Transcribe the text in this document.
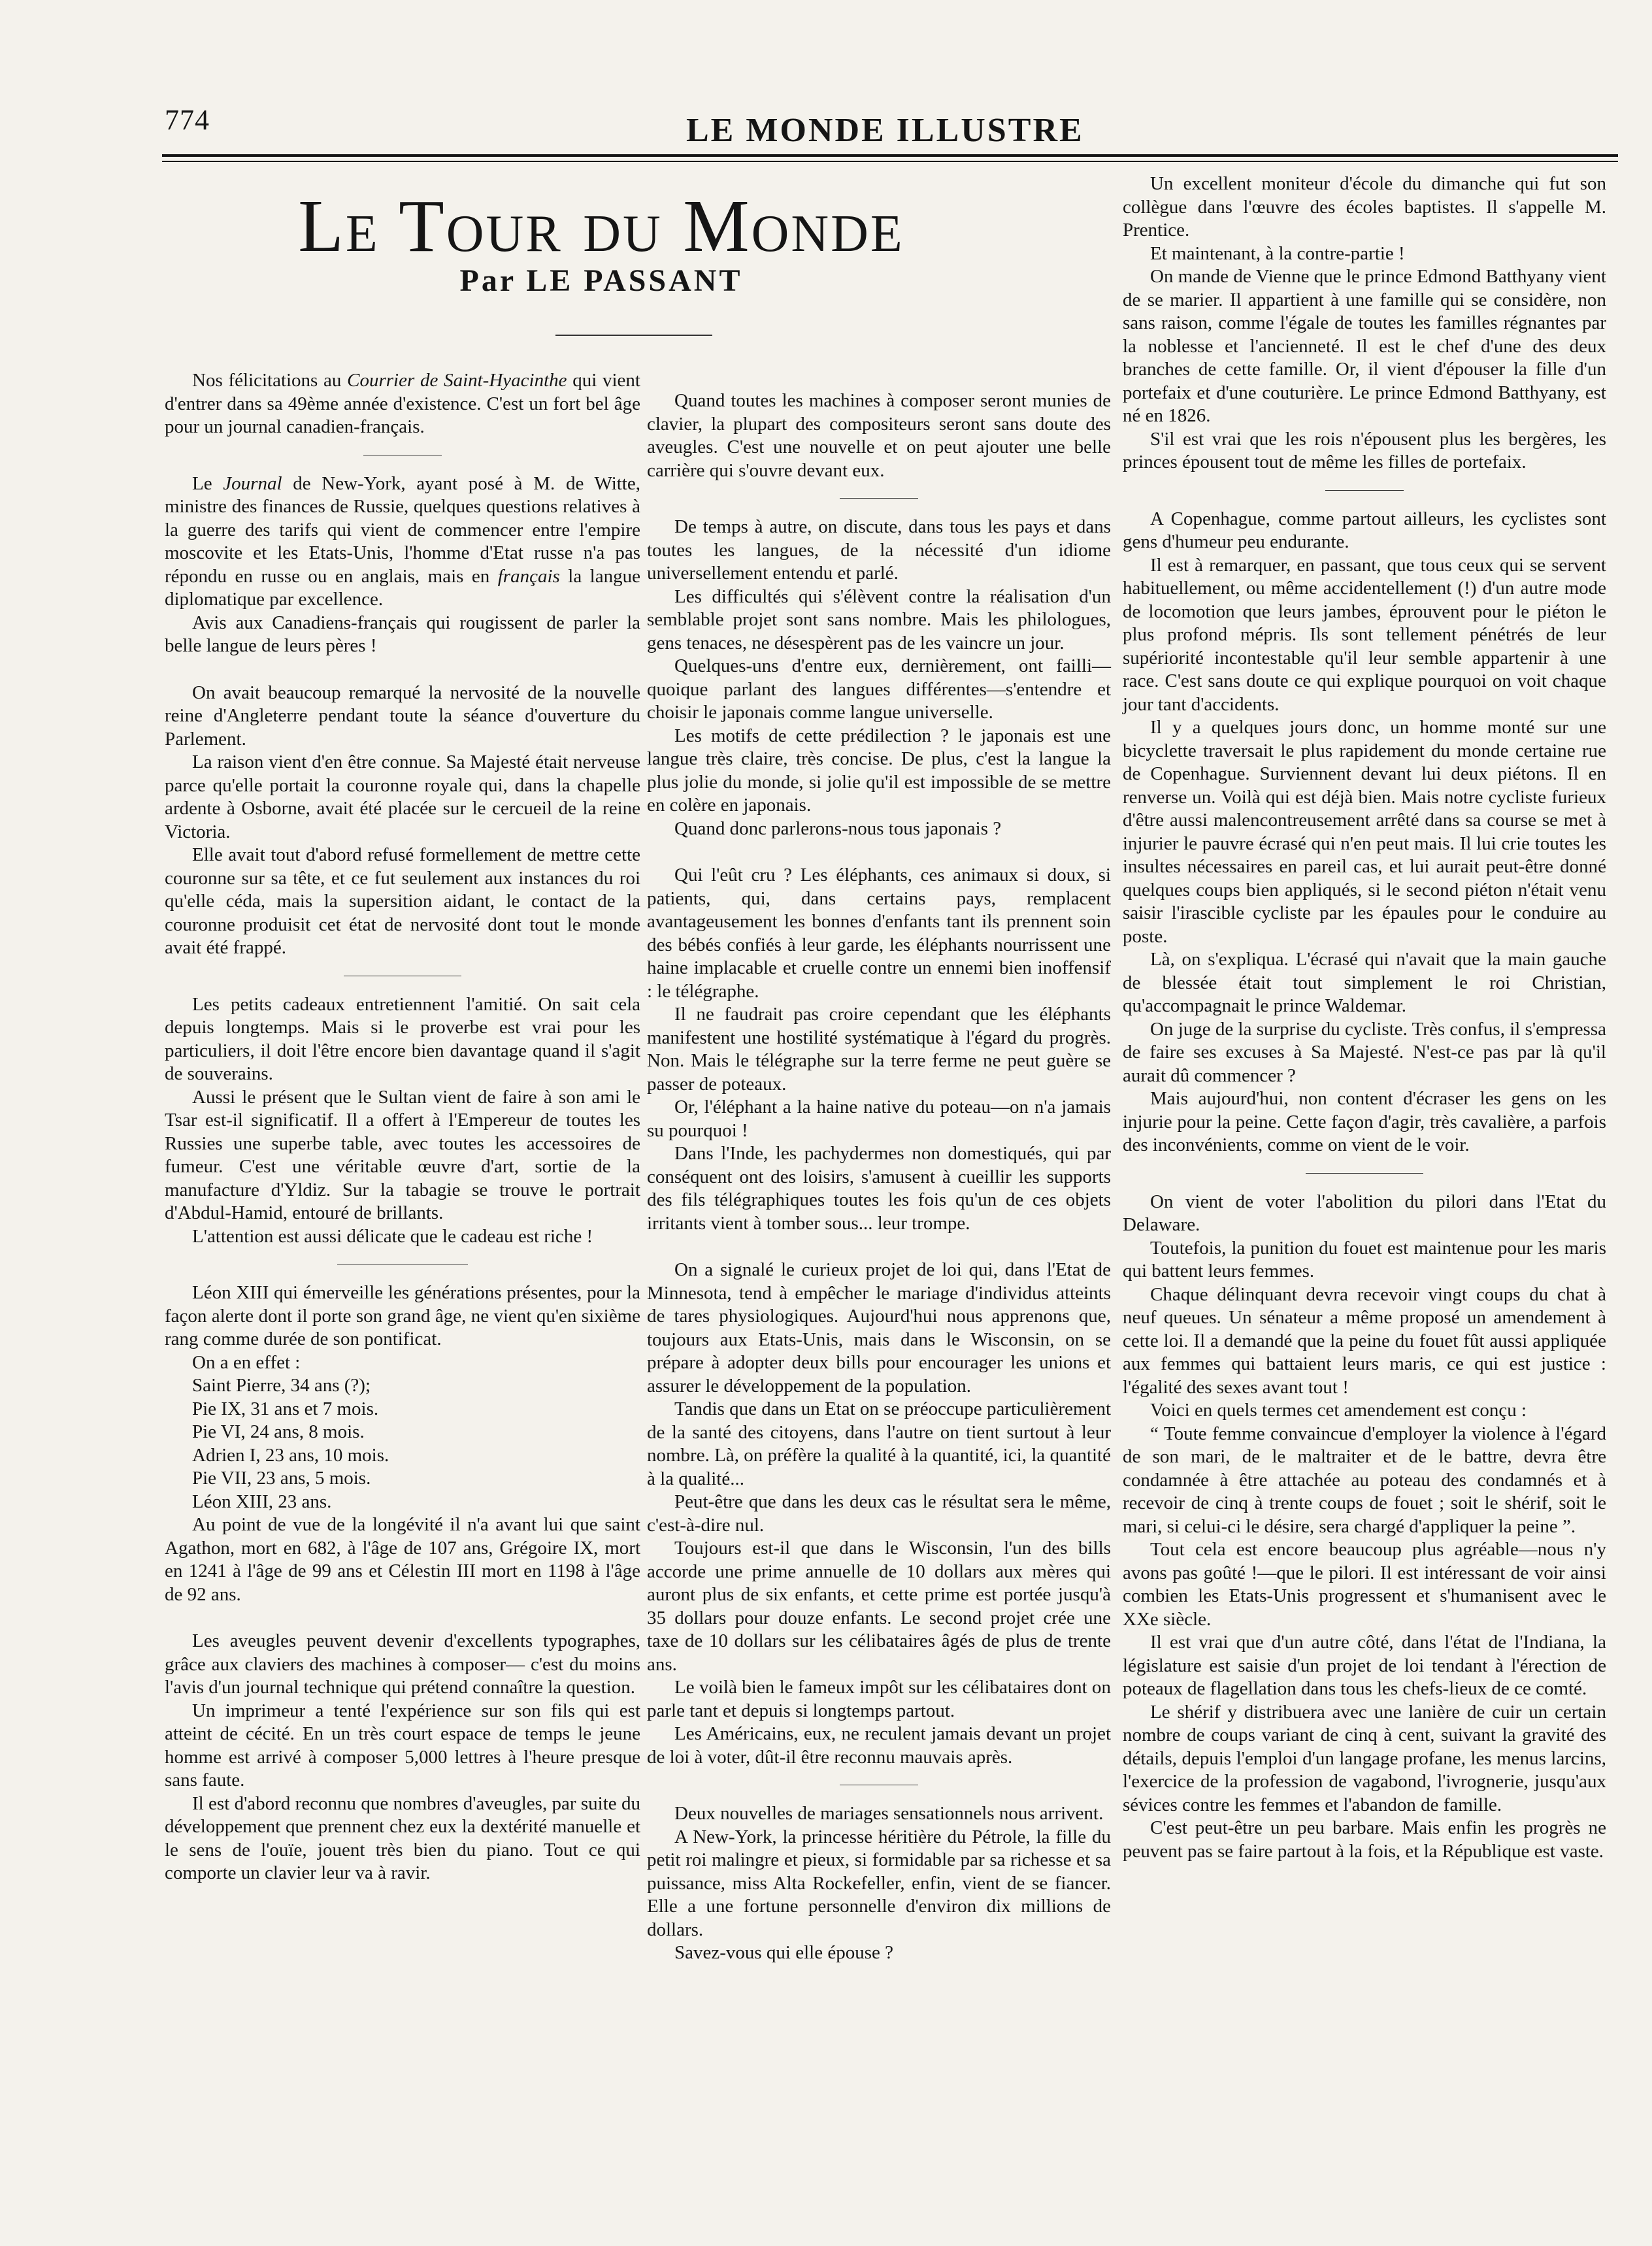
774	LE MONDE ILLUSTRE
Le Tour du Monde
Par LE PASSANT

Nos félicitations au Courrier de Saint-Hyacinthe qui vient d'entrer dans sa 49ème année d'existence. C'est un fort bel âge pour un journal canadien-français.

Le Journal de New-York, ayant posé à M. de Witte, ministre des finances de Russie, quelques questions relatives à la guerre des tarifs qui vient de commencer entre l'empire moscovite et les Etats-Unis, l'homme d'Etat russe n'a pas répondu en russe ou en anglais, mais en français la langue diplomatique par excellence.

Avis aux Canadiens-français qui rougissent de parler la belle langue de leurs pères !

On avait beaucoup remarqué la nervosité de la nouvelle reine d'Angleterre pendant toute la séance d'ouverture du Parlement.

La raison vient d'en être connue. Sa Majesté était nerveuse parce qu'elle portait la couronne royale qui, dans la chapelle ardente à Osborne, avait été placée sur le cercueil de la reine Victoria.

Elle avait tout d'abord refusé formellement de mettre cette couronne sur sa tête, et ce fut seulement aux instances du roi qu'elle céda, mais la supersition aidant, le contact de la couronne produisit cet état de nervosité dont tout le monde avait été frappé.

Les petits cadeaux entretiennent l'amitié. On sait cela depuis longtemps. Mais si le proverbe est vrai pour les particuliers, il doit l'être encore bien davantage quand il s'agit de souverains.

Aussi le présent que le Sultan vient de faire à son ami le Tsar est-il significatif. Il a offert à l'Empereur de toutes les Russies une superbe table, avec toutes les accessoires de fumeur. C'est une véritable œuvre d'art, sortie de la manufacture d'Yldiz. Sur la tabagie se trouve le portrait d'Abdul-Hamid, entouré de brillants.

L'attention est aussi délicate que le cadeau est riche !

Léon XIII qui émerveille les générations présentes, pour la façon alerte dont il porte son grand âge, ne vient qu'en sixième rang comme durée de son pontificat.

On a en effet :

Saint Pierre, 34 ans (?);

Pie IX, 31 ans et 7 mois.

Pie VI, 24 ans, 8 mois.

Adrien I, 23 ans, 10 mois.

Pie VII, 23 ans, 5 mois.

Léon XIII, 23 ans.

Au point de vue de la longévité il n'a avant lui que saint Agathon, mort en 682, à l'âge de 107 ans, Grégoire IX, mort en 1241 à l'âge de 99 ans et Célestin III mort en 1198 à l'âge de 92 ans.

Les aveugles peuvent devenir d'excellents typographes, grâce aux claviers des machines à composer— c'est du moins l'avis d'un journal technique qui prétend connaître la question.

Un imprimeur a tenté l'expérience sur son fils qui est atteint de cécité. En un très court espace de temps le jeune homme est arrivé à composer 5,000 lettres à l'heure presque sans faute.

Il est d'abord reconnu que nombres d'aveugles, par suite du développement que prennent chez eux la dextérité manuelle et le sens de l'ouïe, jouent très bien du piano. Tout ce qui comporte un clavier leur va à ravir.

Quand toutes les machines à composer seront munies de clavier, la plupart des compositeurs seront sans doute des aveugles. C'est une nouvelle et on peut ajouter une belle carrière qui s'ouvre devant eux.

De temps à autre, on discute, dans tous les pays et dans toutes les langues, de la nécessité d'un idiome universellement entendu et parlé.

Les difficultés qui s'élèvent contre la réalisation d'un semblable projet sont sans nombre. Mais les philologues, gens tenaces, ne désespèrent pas de les vaincre un jour.

Quelques-uns d'entre eux, dernièrement, ont failli— quoique parlant des langues différentes—s'entendre et choisir le japonais comme langue universelle.

Les motifs de cette prédilection ? le japonais est une langue très claire, très concise. De plus, c'est la langue la plus jolie du monde, si jolie qu'il est impossible de se mettre en colère en japonais.

Quand donc parlerons-nous tous japonais ?

Qui l'eût cru ? Les éléphants, ces animaux si doux, si patients, qui, dans certains pays, remplacent avantageusement les bonnes d'enfants tant ils prennent soin des bébés confiés à leur garde, les éléphants nourrissent une haine implacable et cruelle contre un ennemi bien inoffensif : le télégraphe.

Il ne faudrait pas croire cependant que les éléphants manifestent une hostilité systématique à l'égard du progrès. Non. Mais le télégraphe sur la terre ferme ne peut guère se passer de poteaux.

Or, l'éléphant a la haine native du poteau—on n'a jamais su pourquoi !

Dans l'Inde, les pachydermes non domestiqués, qui par conséquent ont des loisirs, s'amusent à cueillir les supports des fils télégraphiques toutes les fois qu'un de ces objets irritants vient à tomber sous... leur trompe.

On a signalé le curieux projet de loi qui, dans l'Etat de Minnesota, tend à empêcher le mariage d'individus atteints de tares physiologiques. Aujourd'hui nous apprenons que, toujours aux Etats-Unis, mais dans le Wisconsin, on se prépare à adopter deux bills pour encourager les unions et assurer le développement de la population.

Tandis que dans un Etat on se préoccupe particulièrement de la santé des citoyens, dans l'autre on tient surtout à leur nombre. Là, on préfère la qualité à la quantité, ici, la quantité à la qualité...

Peut-être que dans les deux cas le résultat sera le même, c'est-à-dire nul.

Toujours est-il que dans le Wisconsin, l'un des bills accorde une prime annuelle de 10 dollars aux mères qui auront plus de six enfants, et cette prime est portée jusqu'à 35 dollars pour douze enfants. Le second projet crée une taxe de 10 dollars sur les célibataires âgés de plus de trente ans.

Le voilà bien le fameux impôt sur les célibataires dont on parle tant et depuis si longtemps partout.

Les Américains, eux, ne reculent jamais devant un projet de loi à voter, dût-il être reconnu mauvais après.

Deux nouvelles de mariages sensationnels nous arrivent.

A New-York, la princesse héritière du Pétrole, la fille du petit roi malingre et pieux, si formidable par sa richesse et sa puissance, miss Alta Rockefeller, enfin, vient de se fiancer. Elle a une fortune personnelle d'environ dix millions de dollars.

Savez-vous qui elle épouse ?

Un excellent moniteur d'école du dimanche qui fut son collègue dans l'œuvre des écoles baptistes. Il s'appelle M. Prentice.

Et maintenant, à la contre-partie !

On mande de Vienne que le prince Edmond Batthyany vient de se marier. Il appartient à une famille qui se considère, non sans raison, comme l'égale de toutes les familles régnantes par la noblesse et l'ancienneté. Il est le chef d'une des deux branches de cette famille. Or, il vient d'épouser la fille d'un portefaix et d'une couturière. Le prince Edmond Batthyany, est né en 1826.

S'il est vrai que les rois n'épousent plus les bergères, les princes épousent tout de même les filles de portefaix.

A Copenhague, comme partout ailleurs, les cyclistes sont gens d'humeur peu endurante.

Il est à remarquer, en passant, que tous ceux qui se servent habituellement, ou même accidentellement (!) d'un autre mode de locomotion que leurs jambes, éprouvent pour le piéton le plus profond mépris. Ils sont tellement pénétrés de leur supériorité incontestable qu'il leur semble appartenir à une race. C'est sans doute ce qui explique pourquoi on voit chaque jour tant d'accidents.

Il y a quelques jours donc, un homme monté sur une bicyclette traversait le plus rapidement du monde certaine rue de Copenhague. Surviennent devant lui deux piétons. Il en renverse un. Voilà qui est déjà bien. Mais notre cycliste furieux d'être aussi malencontreusement arrêté dans sa course se met à injurier le pauvre écrasé qui n'en peut mais. Il lui crie toutes les insultes nécessaires en pareil cas, et lui aurait peut-être donné quelques coups bien appliqués, si le second piéton n'était venu saisir l'irascible cycliste par les épaules pour le conduire au poste.

Là, on s'expliqua. L'écrasé qui n'avait que la main gauche de blessée était tout simplement le roi Christian, qu'accompagnait le prince Waldemar.

On juge de la surprise du cycliste. Très confus, il s'empressa de faire ses excuses à Sa Majesté. N'est-ce pas par là qu'il aurait dû commencer ?

Mais aujourd'hui, non content d'écraser les gens on les injurie pour la peine. Cette façon d'agir, très cavalière, a parfois des inconvénients, comme on vient de le voir.

On vient de voter l'abolition du pilori dans l'Etat du Delaware.

Toutefois, la punition du fouet est maintenue pour les maris qui battent leurs femmes.

Chaque délinquant devra recevoir vingt coups du chat à neuf queues. Un sénateur a même proposé un amendement à cette loi. Il a demandé que la peine du fouet fût aussi appliquée aux femmes qui battaient leurs maris, ce qui est justice : l'égalité des sexes avant tout !

Voici en quels termes cet amendement est conçu :

“ Toute femme convaincue d'employer la violence à l'égard de son mari, de le maltraiter et de le battre, devra être condamnée à être attachée au poteau des condamnés et à recevoir de cinq à trente coups de fouet ; soit le shérif, soit le mari, si celui-ci le désire, sera chargé d'appliquer la peine ”.

Tout cela est encore beaucoup plus agréable—nous n'y avons pas goûté !—que le pilori. Il est intéressant de voir ainsi combien les Etats-Unis progressent et s'humanisent avec le XXe siècle.

Il est vrai que d'un autre côté, dans l'état de l'Indiana, la législature est saisie d'un projet de loi tendant à l'érection de poteaux de flagellation dans tous les chefs-lieux de ce comté.

Le shérif y distribuera avec une lanière de cuir un certain nombre de coups variant de cinq à cent, suivant la gravité des détails, depuis l'emploi d'un langage profane, les menus larcins, l'exercice de la profession de vagabond, l'ivrognerie, jusqu'aux sévices contre les femmes et l'abandon de famille.

C'est peut-être un peu barbare. Mais enfin les progrès ne peuvent pas se faire partout à la fois, et la République est vaste.
